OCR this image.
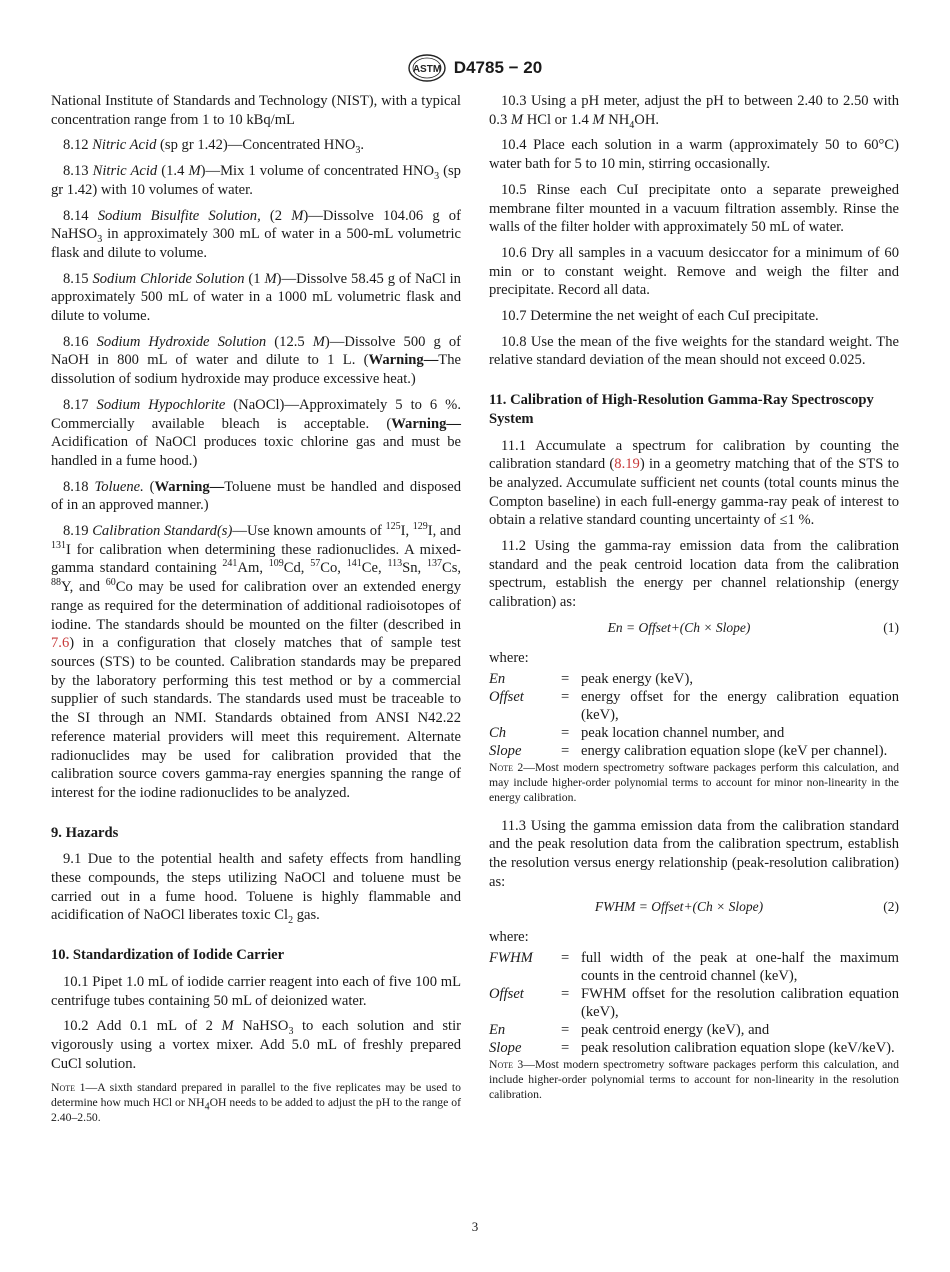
ASTM D4785 − 20

National Institute of Standards and Technology (NIST), with a typical concentration range from 1 to 10 kBq/mL

8.12 Nitric Acid (sp gr 1.42)—Concentrated $HNO_3$.

8.13 Nitric Acid (1.4 M)—Mix 1 volume of concentrated $HNO_3$ (sp gr 1.42) with 10 volumes of water.

8.14 Sodium Bisulfite Solution, (2 M)—Dissolve 104.06 g of NaHSO$_3$ in approximately 300 mL of water in a 500-mL volumetric flask and dilute to volume.

8.15 Sodium Chloride Solution (1 M)—Dissolve 58.45 g of NaCl in approximately 500 mL of water in a 1000 mL volumetric flask and dilute to volume.

8.16 Sodium Hydroxide Solution (12.5 M)—Dissolve 500 g of NaOH in 800 mL of water and dilute to 1 L. (Warning—The dissolution of sodium hydroxide may produce excessive heat.)

8.17 Sodium Hypochlorite (NaOCl)—Approximately 5 to 6 %. Commercially available bleach is acceptable. (Warning—Acidification of NaOCl produces toxic chlorine gas and must be handled in a fume hood.)

8.18 Toluene. (Warning—Toluene must be handled and disposed of in an approved manner.)

8.19 Calibration Standard(s)—Use known amounts of $^{125}$I, $^{129}$I, and $^{131}$I for calibration when determining these radionuclides. A mixed-gamma standard containing $^{241}$Am, $^{109}$Cd, $^{57}$Co, $^{141}$Ce, $^{113}$Sn, $^{137}$Cs, $^{88}$Y, and $^{60}$Co may be used for calibration over an extended energy range as required for the determination of additional radioisotopes of iodine. The standards should be mounted on the filter (described in 7.6) in a configuration that closely matches that of sample test sources (STS) to be counted. Calibration standards may be prepared by the laboratory performing this test method or by a commercial supplier of such standards. The standards used must be traceable to the SI through an NMI. Standards obtained from ANSI N42.22 reference material providers will meet this requirement. Alternate radionuclides may be used for calibration provided that the calibration source covers gamma-ray energies spanning the range of interest for the iodine radionuclides to be analyzed.

9. Hazards

9.1 Due to the potential health and safety effects from handling these compounds, the steps utilizing NaOCl and toluene must be carried out in a fume hood. Toluene is highly flammable and acidification of NaOCl liberates toxic $Cl_2$ gas.

10. Standardization of Iodide Carrier

10.1 Pipet 1.0 mL of iodide carrier reagent into each of five 100 mL centrifuge tubes containing 50 mL of deionized water.

10.2 Add 0.1 mL of 2 M NaHSO$_3$ to each solution and stir vigorously using a vortex mixer. Add 5.0 mL of freshly prepared CuCl solution.

Note 1—A sixth standard prepared in parallel to the five replicates may be used to determine how much HCl or $NH_4OH$ needs to be added to adjust the pH to the range of 2.40–2.50.

10.3 Using a pH meter, adjust the pH to between 2.40 to 2.50 with 0.3 M HCl or 1.4 M $NH_4OH$.

10.4 Place each solution in a warm (approximately 50 to 60°C) water bath for 5 to 10 min, stirring occasionally.

10.5 Rinse each CuI precipitate onto a separate preweighed membrane filter mounted in a vacuum filtration assembly. Rinse the walls of the filter holder with approximately 50 mL of water.

10.6 Dry all samples in a vacuum desiccator for a minimum of 60 min or to constant weight. Remove and weigh the filter and precipitate. Record all data.

10.7 Determine the net weight of each CuI precipitate.

10.8 Use the mean of the five weights for the standard weight. The relative standard deviation of the mean should not exceed 0.025.

11. Calibration of High-Resolution Gamma-Ray Spectroscopy System

11.1 Accumulate a spectrum for calibration by counting the calibration standard (8.19) in a geometry matching that of the STS to be analyzed. Accumulate sufficient net counts (total counts minus the Compton baseline) in each full-energy gamma-ray peak of interest to obtain a relative standard counting uncertainty of ≤1 %.

11.2 Using the gamma-ray emission data from the calibration standard and the peak centroid location data from the calibration spectrum, establish the energy per channel relationship (energy calibration) as:

En = Offset+(Ch × Slope)	(1)
where:
En	=	peak energy (keV),
Offset	=	energy offset for the energy calibration equation (keV),
Ch	=	peak location channel number, and
Slope	=	energy calibration equation slope (keV per channel).

Note 2—Most modern spectrometry software packages perform this calculation, and may include higher-order polynomial terms to account for minor non-linearity in the energy calibration.

11.3 Using the gamma emission data from the calibration standard and the peak resolution data from the calibration spectrum, establish the resolution versus energy relationship (peak-resolution calibration) as:

FWHM = Offset+(Ch × Slope)	(2)
where:
FWHM	=	full width of the peak at one-half the maximum counts in the centroid channel (keV),
Offset	=	FWHM offset for the resolution calibration equation (keV),
En	=	peak centroid energy (keV), and
Slope	=	peak resolution calibration equation slope (keV/keV).

Note 3—Most modern spectrometry software packages perform this calculation, and include higher-order polynomial terms to account for non-linearity in the resolution calibration.

3
